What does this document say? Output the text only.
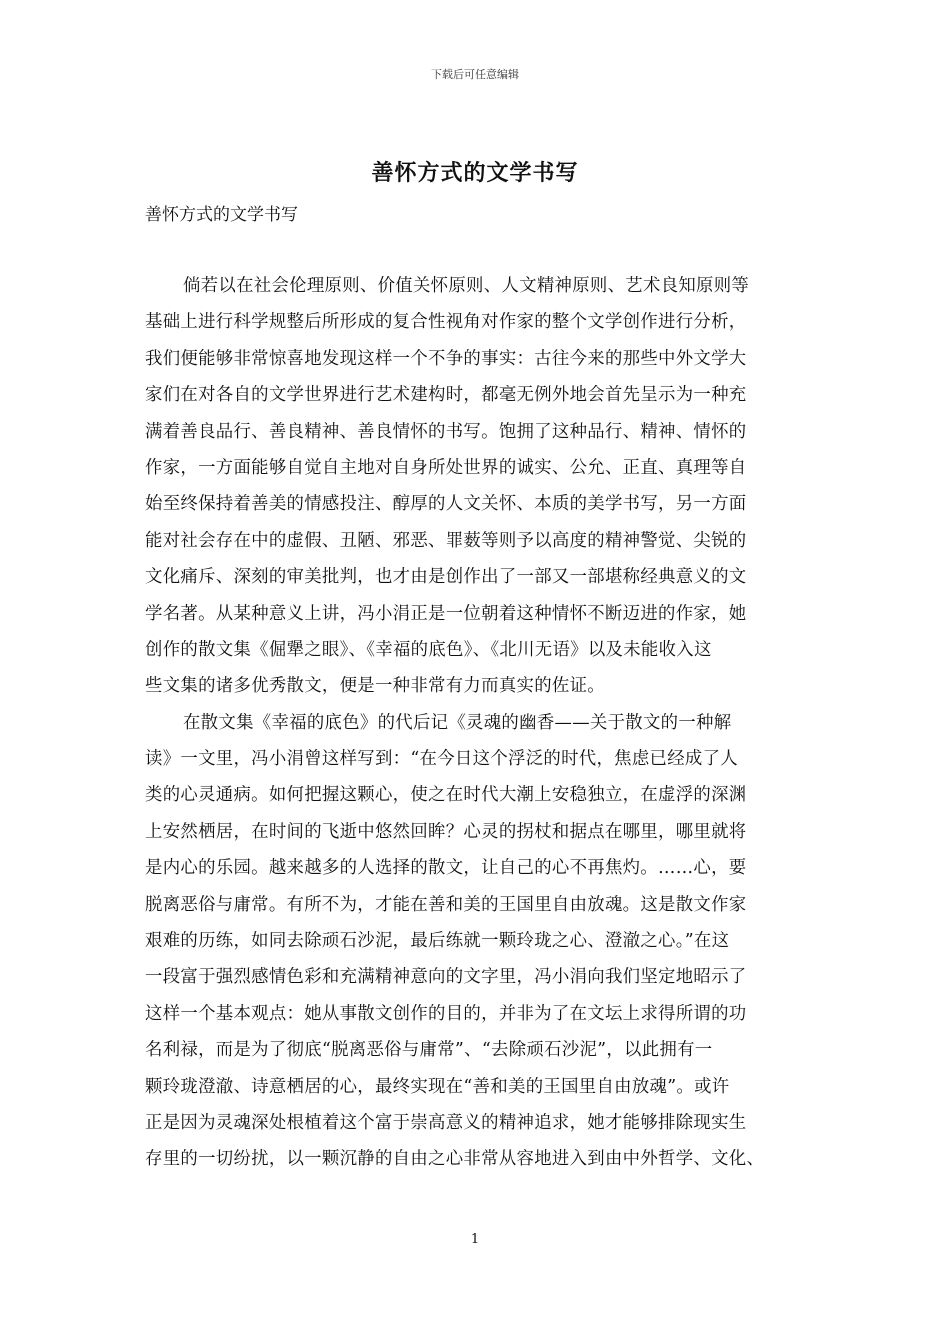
下载后可任意编辑
善怀方式的文学书写
善怀方式的文学书写
倘若以在社会伦理原则、价值关怀原则、人文精神原则、艺术良知原则等
基础上进行科学规整后所形成的复合性视角对作家的整个文学创作进行分析，
我们便能够非常惊喜地发现这样一个不争的事实：古往今来的那些中外文学大
家们在对各自的文学世界进行艺术建构时，都毫无例外地会首先呈示为一种充
满着善良品行、善良精神、善良情怀的书写。饱拥了这种品行、精神、情怀的
作家，一方面能够自觉自主地对自身所处世界的诚实、公允、正直、真理等自
始至终保持着善美的情感投注、醇厚的人文关怀、本质的美学书写，另一方面
能对社会存在中的虚假、丑陋、邪恶、罪薮等则予以高度的精神警觉、尖锐的
文化痛斥、深刻的审美批判，也才由是创作出了一部又一部堪称经典意义的文
学名著。从某种意义上讲，冯小涓正是一位朝着这种情怀不断迈进的作家，她
创作的散文集《倔犟之眼》、《幸福的底色》、《北川无语》以及未能收入这
些文集的诸多优秀散文，便是一种非常有力而真实的佐证。
在散文集《幸福的底色》的代后记《灵魂的幽香——关于散文的一种解
读》一文里，冯小涓曾这样写到：“在今日这个浮泛的时代，焦虑已经成了人
类的心灵通病。如何把握这颗心，使之在时代大潮上安稳独立，在虚浮的深渊
上安然栖居，在时间的飞逝中悠然回眸？心灵的拐杖和据点在哪里，哪里就将
是内心的乐园。越来越多的人选择的散文，让自己的心不再焦灼。……心，要
脱离恶俗与庸常。有所不为，才能在善和美的王国里自由放魂。这是散文作家
艰难的历练，如同去除顽石沙泥，最后练就一颗玲珑之心、澄澈之心。”在这
一段富于强烈感情色彩和充满精神意向的文字里，冯小涓向我们坚定地昭示了
这样一个基本观点：她从事散文创作的目的，并非为了在文坛上求得所谓的功
名利禄，而是为了彻底“脱离恶俗与庸常”、“去除顽石沙泥”，以此拥有一
颗玲珑澄澈、诗意栖居的心，最终实现在“善和美的王国里自由放魂”。或许
正是因为灵魂深处根植着这个富于崇高意义的精神追求，她才能够排除现实生
存里的一切纷扰，以一颗沉静的自由之心非常从容地进入到由中外哲学、文化、
1
